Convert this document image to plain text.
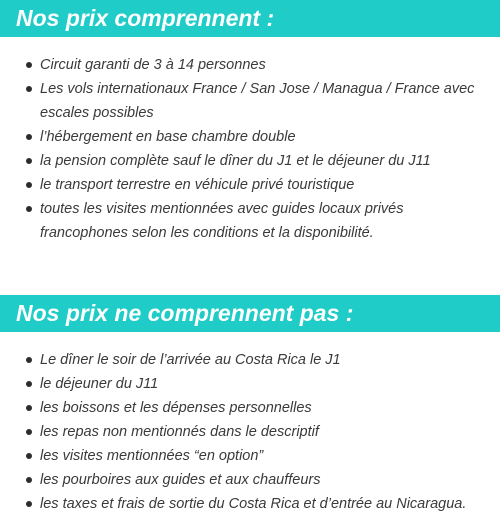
Nos prix comprennent :
Circuit garanti de 3 à 14 personnes
Les vols internationaux France / San Jose / Managua / France avec escales possibles
l’hébergement en base chambre double
la pension complète sauf le dîner du J1 et le déjeuner du J11
le transport terrestre en véhicule privé touristique
toutes les visites mentionnées avec guides locaux privés francophones selon les conditions et la disponibilité.
Nos prix ne comprennent pas :
Le dîner le soir de l’arrivée au Costa Rica le J1
le déjeuner du J11
les boissons et les dépenses personnelles
les repas non mentionnés dans le descriptif
les visites mentionnées “en option”
les pourboires aux guides et aux chauffeurs
les taxes et frais de sortie du Costa Rica et d’entrée au Nicaragua.
